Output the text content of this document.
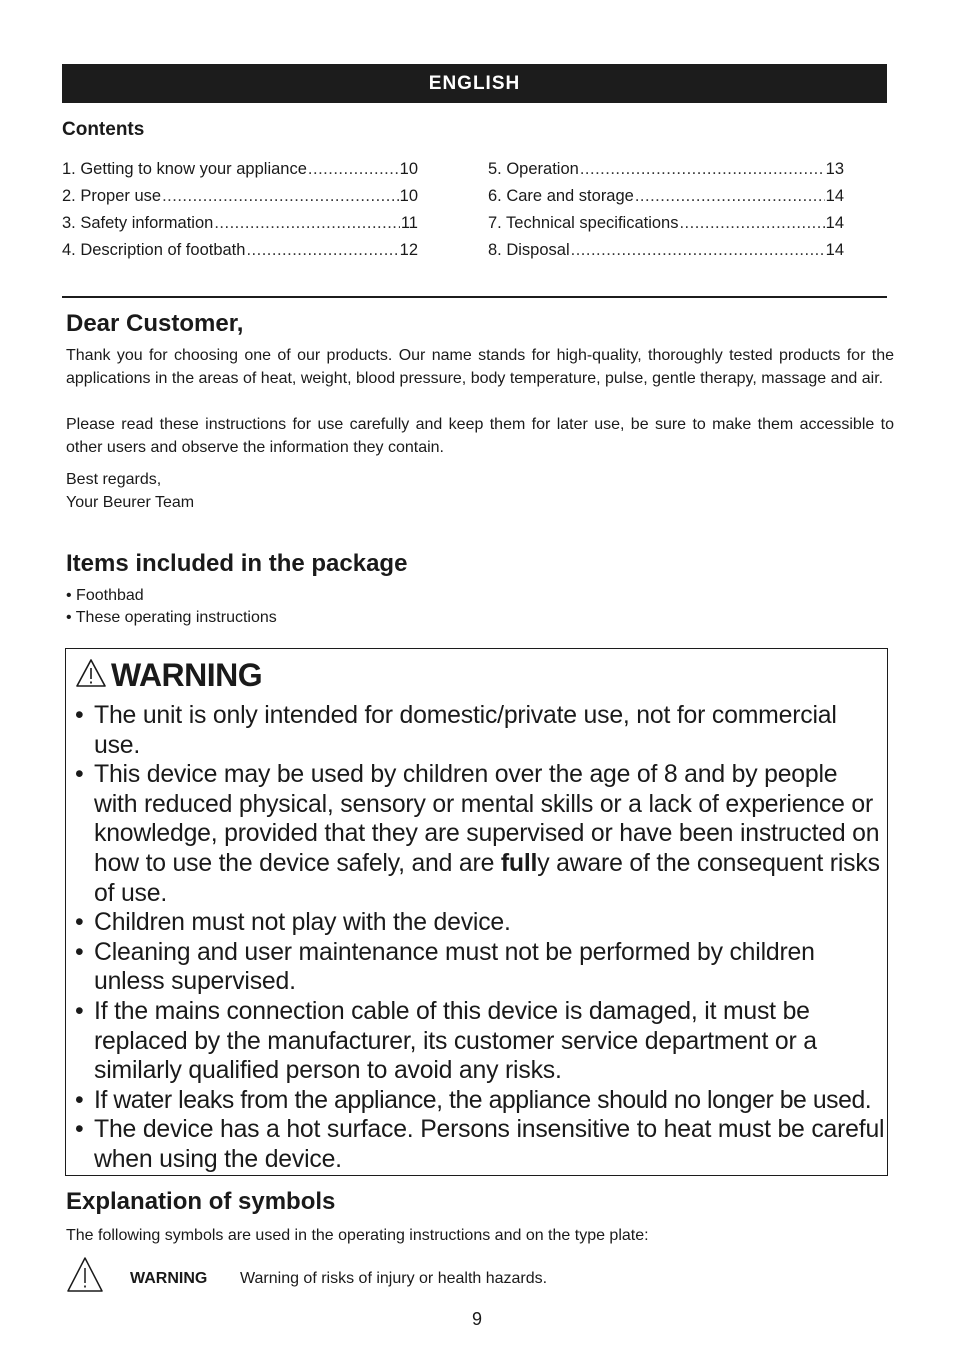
ENGLISH
Contents
1. Getting to know your appliance .....	10
2. Proper use .....	10
3. Safety information .....	11
4. Description of footbath .....	12
5. Operation .....	13
6. Care and storage .....	14
7. Technical specifications .....	14
8. Disposal .....	14
Dear Customer,

Thank you for choosing one of our products. Our name stands for high-quality, thoroughly tested products for the applications in the areas of heat, weight, blood pressure, body temperature, pulse, gentle therapy, massage and air.

Please read these instructions for use carefully and keep them for later use, be sure to make them accessible to other users and observe the information they contain.

Best regards,

Your Beurer Team

Items included in the package
• Foothbad
• These operating instructions
WARNING
• The unit is only intended for domestic/private use, not for commercial use.
• This device may be used by children over the age of 8 and by people with reduced physical, sensory or mental skills or a lack of experience or knowledge, provided that they are supervised or have been instructed on how to use the device safely, and are fully aware of the consequent risks of use.
• Children must not play with the device.
• Cleaning and user maintenance must not be performed by children unless supervised.
• If the mains connection cable of this device is damaged, it must be replaced by the manufacturer, its customer service department or a similarly qualified person to avoid any risks.
• If water leaks from the appliance, the appliance should no longer be used.
• The device has a hot surface. Persons insensitive to heat must be careful when using the device.
Explanation of symbols

The following symbols are used in the operating instructions and on the type plate:

WARNING Warning of risks of injury or health hazards.
9
